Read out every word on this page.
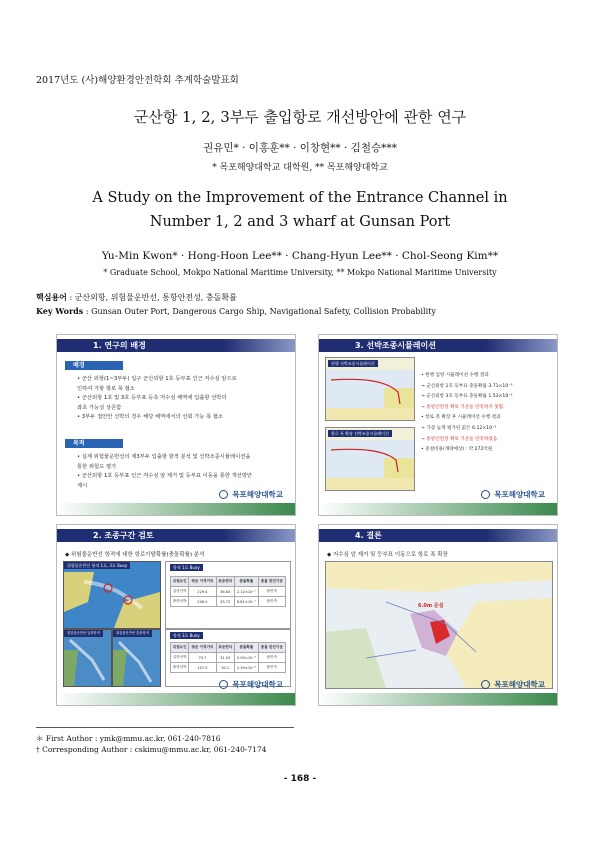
2017년도 (사)해양환경안전학회 추계학술발표회
군산항 1, 2, 3부두 출입항로 개선방안에 관한 연구
권유민* · 이홍훈** · 이창현** · 김철승***
* 목포해양대학교 대학원, ** 목포해양대학교
A Study on the Improvement of the Entrance Channel in
Number 1, 2 and 3 wharf at Gunsan Port
Yu-Min Kwon* · Hong-Hoon Lee** · Chang-Hyun Lee** · Chol-Seong Kim**
* Graduate School, Mokpo National Maritime University, ** Mokpo National Maritime University
핵심용어 : 군산외항, 위험물운반선, 통항안전성, 충돌확률
Key Words : Gunsan Outer Port, Dangerous Cargo Ship, Navigational Safety, Collision Probability
1. 연구의 배경
배경
• 군산 외항(1~3부두) 입구 군산외항 1호 등부표 인근 저수심 암으로
인하여 가항 항로 폭 협소
• 군산외항 1호 및 3호 등부표 등측 저수심 해역에 입출항 선박의
좌초 가능성 상존함
• 3부두 접안안 선박의 경우 해당 해역에서의 선회 가능 폭 협소
목적
• 실제 위험물운반선의 제3부두 입출항 항적 분석 및 선박조종시뮬레이션을
통한 위험도 평가
• 군산외항 1호 등부표 인근 저수심 암 제거 및 등부표 이동을 통한 개선방안
제시
목포해양대학교
3. 선박조종시뮬레이션
현행 선박조종시뮬레이션
항로 폭 확장 선박조종시뮬레이션
• 현행 입항 시뮬레이션 수행 결과
→ 군산외항 1호 등부표 충돌확률 3.71×10⁻³
→ 군산외항 3호 등부표 충돌확률 1.53×10⁻³
→ 통항안전성 확보 기준을 만족하지 못함.
• 항로 폭 확장 후 시뮬레이션 수행 결과
→ 가장 높게 평가된 값은 6.12×10⁻⁵
→ 통항안전성 확보 기준을 만족하였음.
• 준설비용(개략예상) : 약 272억원
목포해양대학교
2. 조종구간 검토
◆ 위험물운반선 항적에 대한 항로이탈확률(충돌확률) 분석
위험물운반선 항적 1호, 3호 Buoy
위험물운반선 입항항적	위험물운반선 출항항적
항적 1호 Buoy
위험요인	평균 이격거리	표준편차	충돌확률	충돌 판단기준
입항선박	229.4	36.84	2.12×10⁻⁷	불만족
출항선박	208.0	33.72	8.81×10⁻⁷	불만족
항적 3호 Buoy
위험요인	평균 이격거리	표준편차	충돌확률	충돌 판단기준
입항선박	79.7	31.03	5.09×10⁻³	불만족
출항선박	107.5	30.1	2.39×10⁻³	불만족
목포해양대학교
4. 결론
◆ 저수심 암 제거 및 등부표 이동으로 항로 폭 확장
6.0m 준설
목포해양대학교
＊ First Author : ymk@mmu.ac.kr, 061-240-7816
† Corresponding Author : cskimu@mmu.ac.kr, 061-240-7174
- 168 -
